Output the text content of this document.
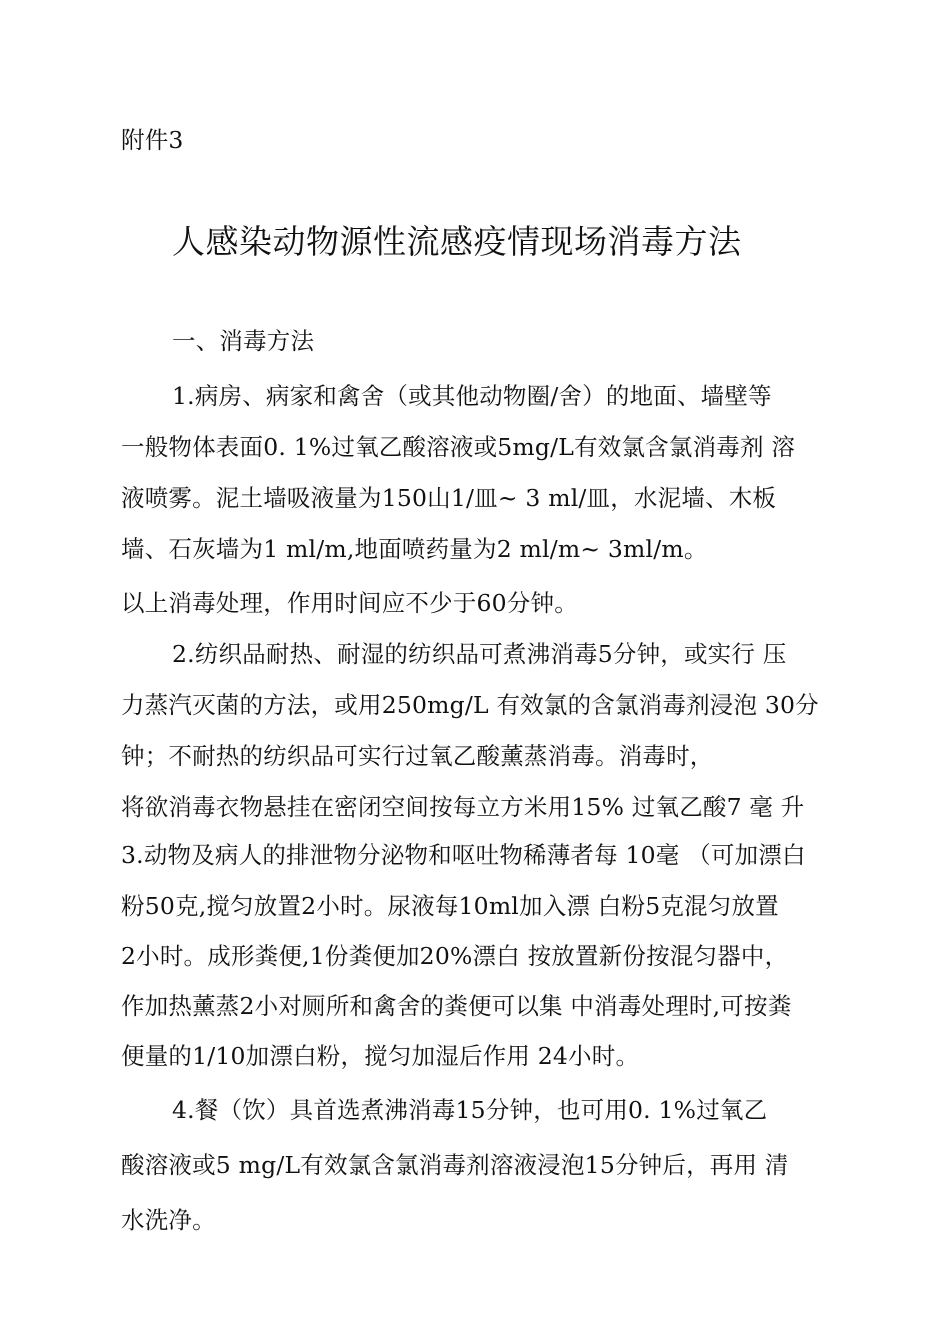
附件3
人感染动物源性流感疫情现场消毒方法
一、消毒方法
1.病房、病家和禽舍（或其他动物圈/舍）的地面、墙壁等
一般物体表面0. 1%过氧乙酸溶液或5mg/L有效氯含氯消毒剂 溶
液喷雾。泥土墙吸液量为150山1/皿~ 3 ml/皿，水泥墙、木板
墙、石灰墙为1 ml/m,地面喷药量为2 ml/m~ 3ml/m。
以上消毒处理，作用时间应不少于60分钟。
2.纺织品耐热、耐湿的纺织品可煮沸消毒5分钟，或实行 压
力蒸汽灭菌的方法，或用250mg/L 有效氯的含氯消毒剂浸泡 30分
钟；不耐热的纺织品可实行过氧乙酸薰蒸消毒。消毒时，
将欲消毒衣物悬挂在密闭空间按每立方米用15% 过氧乙酸7 毫 升
3.动物及病人的排泄物分泌物和呕吐物稀薄者每 10毫 （可加漂白
粉50克,搅匀放置2小时。尿液每10ml加入漂 白粉5克混匀放置
2小时。成形粪便,1份粪便加20%漂白 按放置新份按混匀器中，
作加热薰蒸2小对厕所和禽舍的粪便可以集 中消毒处理时,可按粪
便量的1/10加漂白粉，搅匀加湿后作用 24小时。
4.餐（饮）具首选煮沸消毒15分钟，也可用0. 1%过氧乙
酸溶液或5 mg/L有效氯含氯消毒剂溶液浸泡15分钟后，再用 清
水洗净。
